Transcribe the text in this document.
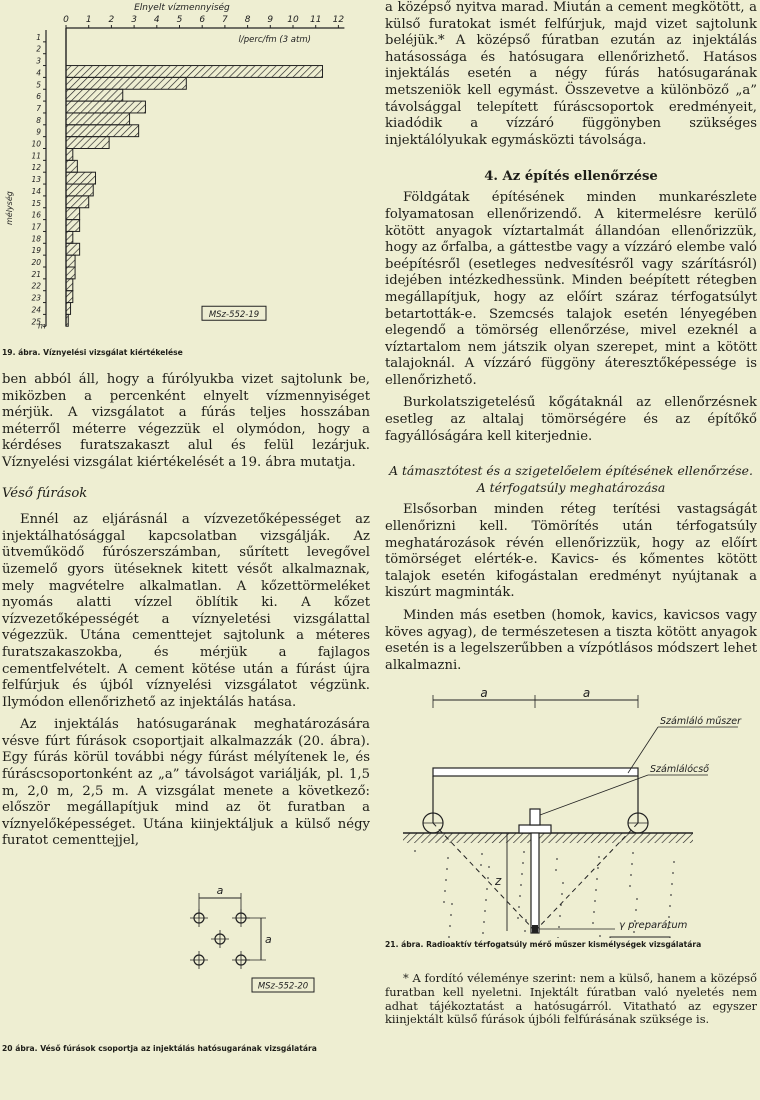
0 1 2 3 4 5 6 7 8 9 10 11 12
Elnyelt vízmennyiség
l/perc/fm (3 atm)
1
2
3
4
5
6
7
8
9
10
11
12
13
14
15
16
17
18
19
20
21
22
23
24
25
mélység
m
MSz-552-19

19. ábra. Víznyelési vizsgálat kiértékelése

ben abból áll, hogy a fúrólyukba vizet sajtolunk be, miközben a percenként elnyelt vízmennyiséget mérjük. A vizsgálatot a fúrás teljes hosszában méterről méterre végezzük el olymódon, hogy a kérdéses furatszakaszt alul és felül lezárjuk. Víznyelési vizsgálat kiértékelését a 19. ábra mutatja.

Véső fúrások

Ennél az eljárásnál a vízvezetőképességet az injektálhatósággal kapcsolatban vizsgálják. Az ütveműködő fúrószerszámban, sűrített levegővel üzemelő gyors ütéseknek kitett vésőt alkalmaznak, mely magvételre alkalmatlan. A kőzettörmeléket nyomás alatti vízzel öblítik ki. A kőzet vízvezetőképességét a víznyeletési vizsgálattal végezzük. Utána cementtejet sajtolunk a méteres furatszakaszokba, és mérjük a fajlagos cementfelvételt. A cement kötése után a fúrást újra felfúrjuk és újból víznyelési vizsgálatot végzünk. Ilymódon ellenőrizhető az injektálás hatása.

Az injektálás hatósugarának meghatározására vésve fúrt fúrások csoportjait alkalmazzák (20. ábra). Egy fúrás körül további négy fúrást mélyítenek le, és fúráscsoportonként az „a” távolságot variálják, pl. 1,5 m, 2,0 m, 2,5 m. A vizsgálat menete a következő: először megállapítjuk mind az öt furatban a víznyelőképességet. Utána kiinjektáljuk a külső négy furatot cementtejjel,

a
a
MSz-552-20

20 ábra. Véső fúrások csoportja az injektálás hatósugarának vizsgálatára

a középső nyitva marad. Miután a cement megkötött, a külső furatokat ismét felfúrjuk, majd vizet sajtolunk beléjük.* A középső fúratban ezután az injektálás hatásossága és hatósugara ellenőrizhető. Hatásos injektálás esetén a négy fúrás hatósugarának metszeniök kell egymást. Összevetve a különböző „a” távolsággal telepített fúráscsoportok eredményeit, kiadódik a vízzáró függönyben szükséges injektálólyukak egymásközti távolsága.

4. Az építés ellenőrzése

Földgátak építésének minden munkarészlete folyamatosan ellenőrizendő. A kitermelésre kerülő kötött anyagok víztartalmát állandóan ellenőrizzük, hogy az őrfalba, a gáttestbe vagy a vízzáró elembe való beépítésről (esetleges nedvesítésről vagy szárításról) idejében intézkedhessünk. Minden beépített rétegben megállapítjuk, hogy az előírt száraz térfogatsúlyt betartották-e. Szemcsés talajok esetén lényegében elegendő a tömörség ellenőrzése, mivel ezeknél a víztartalom nem játszik olyan szerepet, mint a kötött talajoknál. A vízzáró függöny áteresztőképessége is ellenőrizhető.

Burkolatszigetelésű kőgátaknál az ellenőrzésnek esetleg az altalaj tömörségére és az építőkő fagyállóságára kell kiterjednie.

A támasztótest és a szigetelőelem építésének ellenőrzése. A térfogatsúly meghatározása

Elsősorban minden réteg terítési vastagságát ellenőrizni kell. Tömörítés után térfogatsúly meghatározások révén ellenőrizzük, hogy az előírt tömörséget elérték-e. Kavics- és kőmentes kötött talajok esetén kifogástalan eredményt nyújtanak a kiszúrt magminták.

Minden más esetben (homok, kavics, kavicsos vagy köves agyag), de természetesen a tiszta kötött anyagok esetén is a legelszerűbben a vízpótlásos módszert lehet alkalmazni.

z
a	a
Számláló műszer
Számlálócső
γ preparátum

21. ábra. Radioaktív térfogatsúly mérő műszer kismélységek vizsgálatára

* A fordító véleménye szerint: nem a külső, hanem a középső furatban kell nyeletni. Injektált fúratban való nyeletés nem adhat tájékoztatást a hatósugárról. Vitatható az egyszer kiinjektált külső fúrások újbóli felfúrásának szüksége is.
